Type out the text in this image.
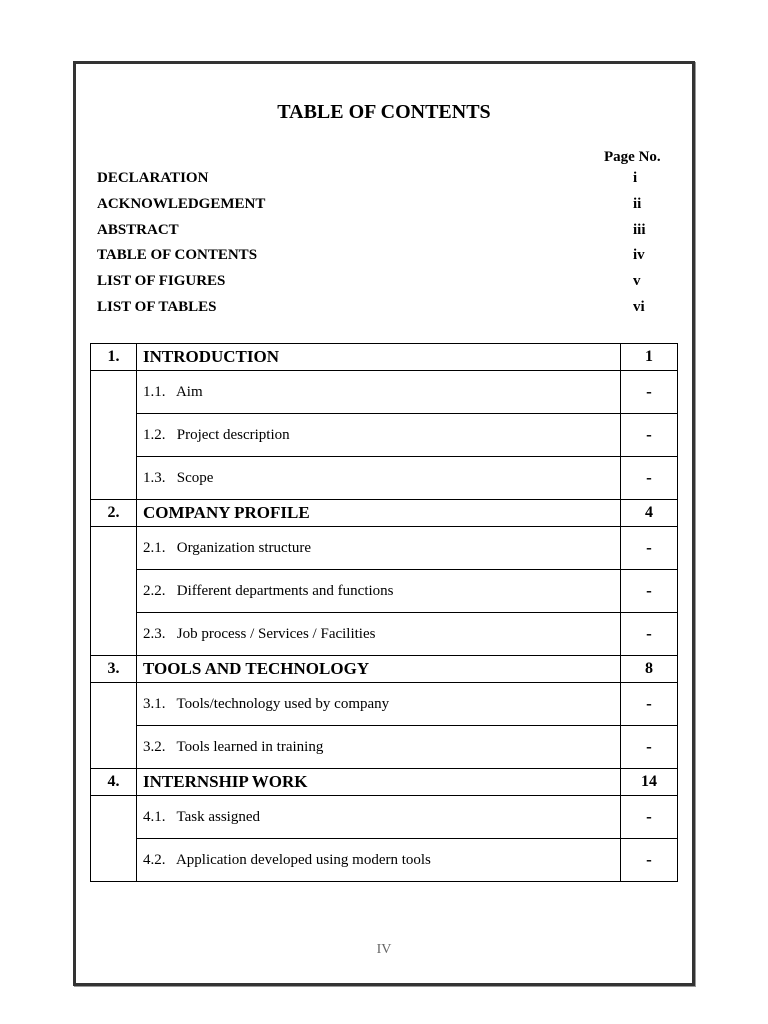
TABLE OF CONTENTS
Page No.
DECLARATION	i
ACKNOWLEDGEMENT	ii
ABSTRACT	iii
TABLE OF CONTENTS	iv
LIST OF FIGURES	v
LIST OF TABLES	vi
1.	INTRODUCTION	1
	1.1. Aim	-
	1.2. Project description	-
	1.3. Scope	-
2.	COMPANY PROFILE	4
	2.1. Organization structure	-
	2.2. Different departments and functions	-
	2.3. Job process / Services / Facilities	-
3.	TOOLS AND TECHNOLOGY	8
	3.1. Tools/technology used by company	-
	3.2. Tools learned in training	-
4.	INTERNSHIP WORK	14
	4.1. Task assigned	-
	4.2. Application developed using modern tools	-
IV
